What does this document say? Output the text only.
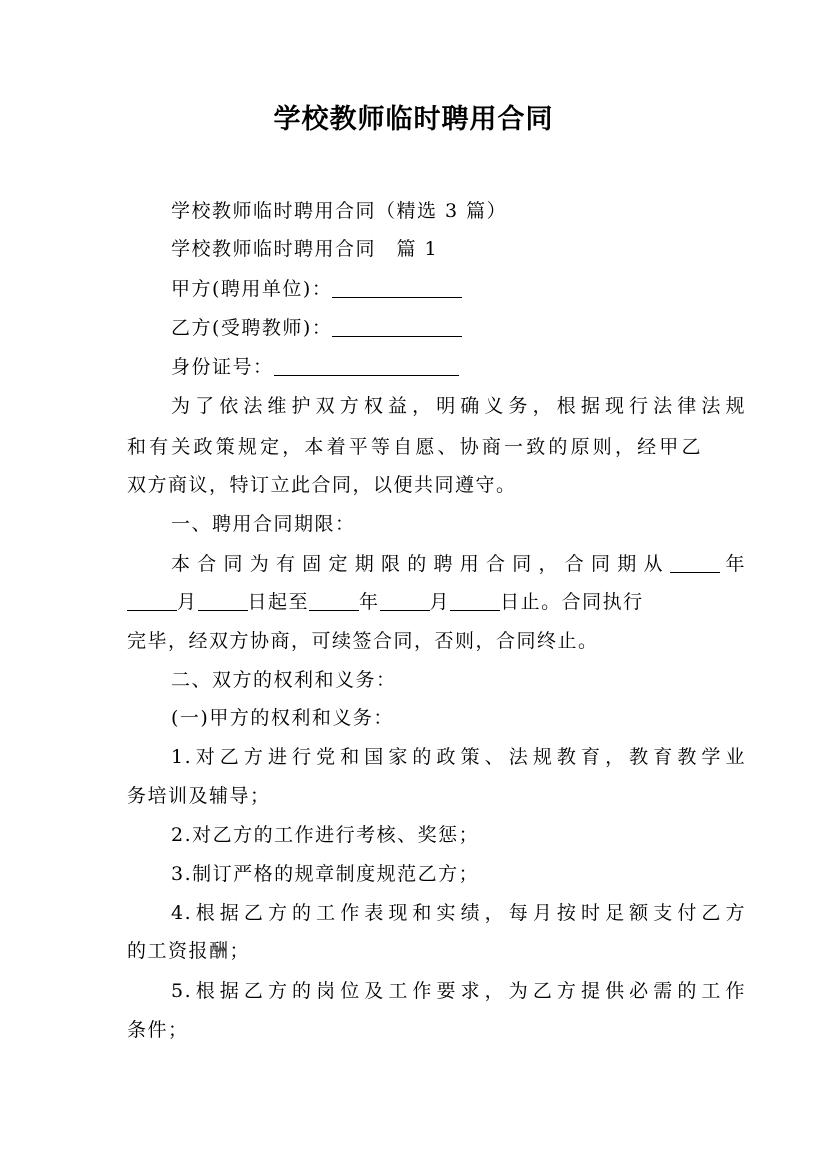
学校教师临时聘用合同
学校教师临时聘用合同（精选 3 篇）
学校教师临时聘用合同　篇 1
甲方(聘用单位)：
乙方(受聘教师)：
身份证号：
为了依法维护双方权益，明确义务，根据现行法律法规
和有关政策规定，本着平等自愿、协商一致的原则，经甲乙
双方商议，特订立此合同，以便共同遵守。
一、聘用合同期限：
本合同为有固定期限的聘用合同，合同期从	年
月	日起至	年	月	日止。合同执行
完毕，经双方协商，可续签合同，否则，合同终止。
二、双方的权利和义务：
(一)甲方的权利和义务：
1.对乙方进行党和国家的政策、法规教育，教育教学业
务培训及辅导；
2.对乙方的工作进行考核、奖惩；
3.制订严格的规章制度规范乙方；
4.根据乙方的工作表现和实绩，每月按时足额支付乙方
的工资报酬；
5.根据乙方的岗位及工作要求，为乙方提供必需的工作
条件；
